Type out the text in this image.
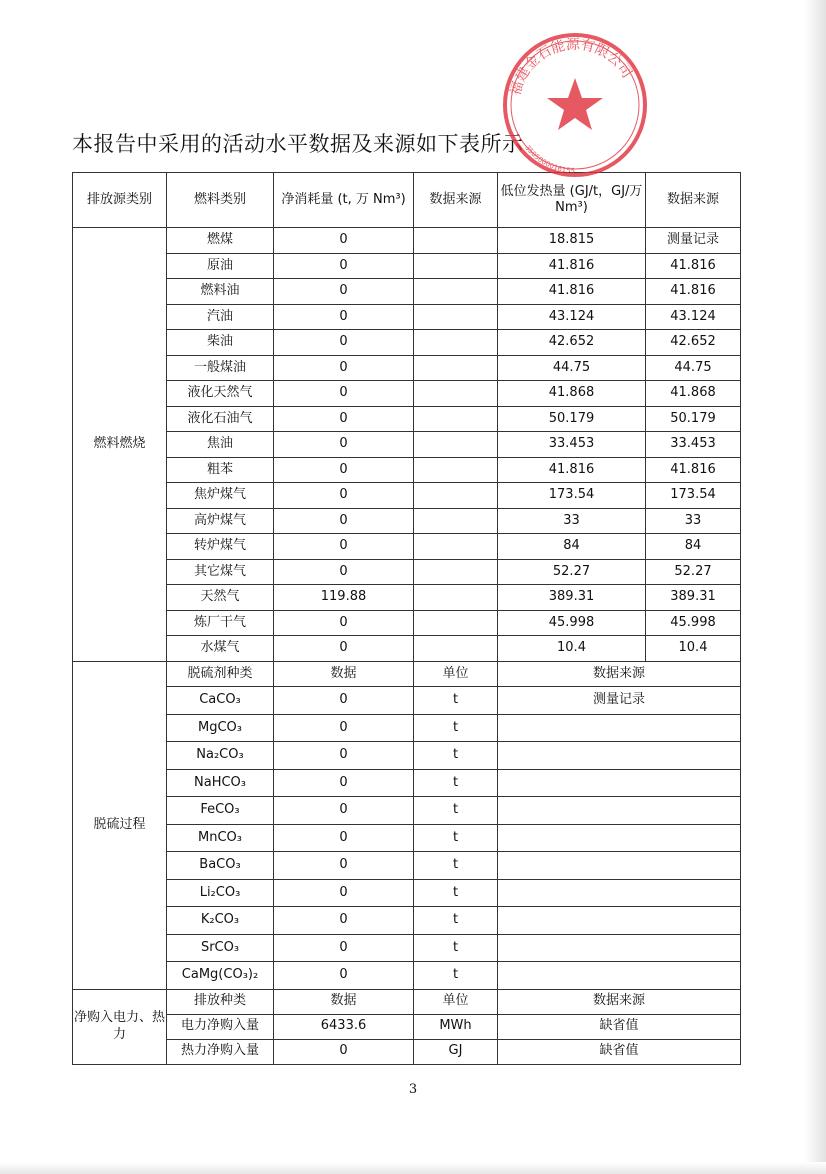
本报告中采用的活动水平数据及来源如下表所示
排放源类别	燃料类别	净消耗量 (t, 万 Nm³)	数据来源	低位发热量 (GJ/t，GJ/万 Nm³)	数据来源
燃料燃烧	燃煤	0		18.815	测量记录
	原油	0		41.816	41.816
	燃料油	0		41.816	41.816
	汽油	0		43.124	43.124
	柴油	0		42.652	42.652
	一般煤油	0		44.75	44.75
	液化天然气	0		41.868	41.868
	液化石油气	0		50.179	50.179
	焦油	0		33.453	33.453
	粗苯	0		41.816	41.816
	焦炉煤气	0		173.54	173.54
	高炉煤气	0		33	33
	转炉煤气	0		84	84
	其它煤气	0		52.27	52.27
	天然气	119.88		389.31	389.31
	炼厂干气	0		45.998	45.998
	水煤气	0		10.4	10.4
脱硫过程	脱硫剂种类	数据	单位	数据来源	
	CaCO₃	0	t	测量记录	
	MgCO₃	0	t		
	Na₂CO₃	0	t		
	NaHCO₃	0	t		
	FeCO₃	0	t		
	MnCO₃	0	t		
	BaCO₃	0	t		
	Li₂CO₃	0	t		
	K₂CO₃	0	t		
	SrCO₃	0	t		
	CaMg(CO₃)₂	0	t		
净购入电力、热力	排放种类	数据	单位	数据来源	
	电力净购入量	6433.6	MWh	缺省值	
	热力净购入量	0	GJ	缺省值	
福建金石能源有限公司
3505000016155
3
